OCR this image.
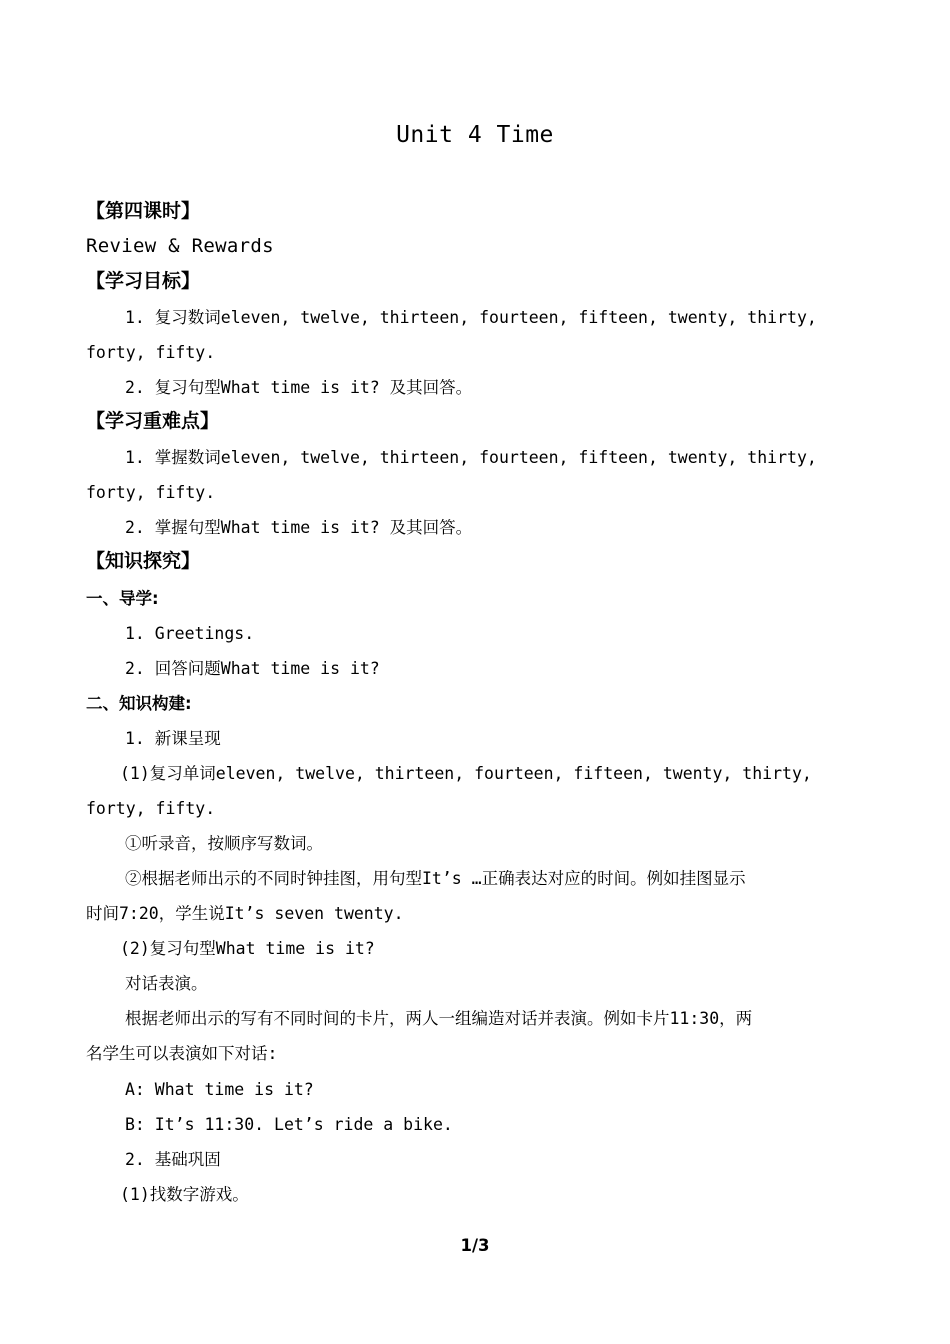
Unit 4 Time
【第四课时】
Review & Rewards
【学习目标】
1. 复习数词eleven, twelve, thirteen, fourteen, fifteen, twenty, thirty,
forty, fifty.
2. 复习句型What time is it? 及其回答。
【学习重难点】
1. 掌握数词eleven, twelve, thirteen, fourteen, fifteen, twenty, thirty,
forty, fifty.
2. 掌握句型What time is it? 及其回答。
【知识探究】
一、导学:
1. Greetings.
2. 回答问题What time is it?
二、知识构建:
1. 新课呈现
(1)复习单词eleven, twelve, thirteen, fourteen, fifteen, twenty, thirty,
forty, fifty.
①听录音，按顺序写数词。
②根据老师出示的不同时钟挂图，用句型It’s …正确表达对应的时间。例如挂图显示
时间7:20，学生说It’s seven twenty.
(2)复习句型What time is it?
对话表演。
根据老师出示的写有不同时间的卡片，两人一组编造对话并表演。例如卡片11:30，两
名学生可以表演如下对话:
A: What time is it?
B: It’s 11:30. Let’s ride a bike.
2. 基础巩固
(1)找数字游戏。
1/3
